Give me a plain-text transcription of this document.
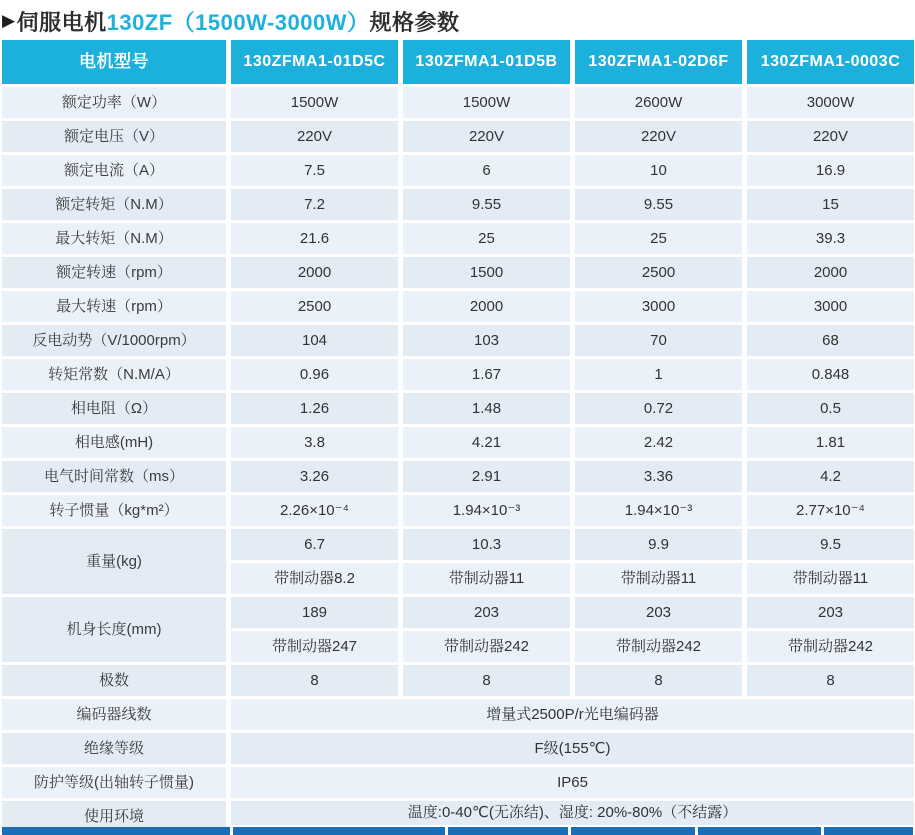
▶ 伺服电机 130ZF（1500W-3000W） 规格参数
电机型号	130ZFMA1-01D5C	130ZFMA1-01D5B	130ZFMA1-02D6F	130ZFMA1-0003C
额定功率（W）	1500W	1500W	2600W	3000W
额定电压（V）	220V	220V	220V	220V
额定电流（A）	7.5	6	10	16.9
额定转矩（N.M）	7.2	9.55	9.55	15
最大转矩（N.M）	21.6	25	25	39.3
额定转速（rpm）	2000	1500	2500	2000
最大转速（rpm）	2500	2000	3000	3000
反电动势（V/1000rpm）	104	103	70	68
转矩常数（N.M/A）	0.96	1.67	1	0.848
相电阻（Ω）	1.26	1.48	0.72	0.5
相电感(mH)	3.8	4.21	2.42	1.81
电气时间常数（ms）	3.26	2.91	3.36	4.2
转子惯量（kg*m²）	2.26×10⁻⁴	1.94×10⁻³	1.94×10⁻³	2.77×10⁻⁴
重量(kg)
6.7	10.3	9.9	9.5
带制动器8.2	带制动器11	带制动器11	带制动器11
机身长度(mm)
189	203	203	203
带制动器247	带制动器242	带制动器242	带制动器242
极数	8	8	8	8
编码器线数	增量式2500P/r光电编码器
绝缘等级	F级(155℃)
防护等级(出轴转子惯量)	IP65
使用环境	温度:0-40℃(无冻结)、湿度: 20%-80%（不结露）
